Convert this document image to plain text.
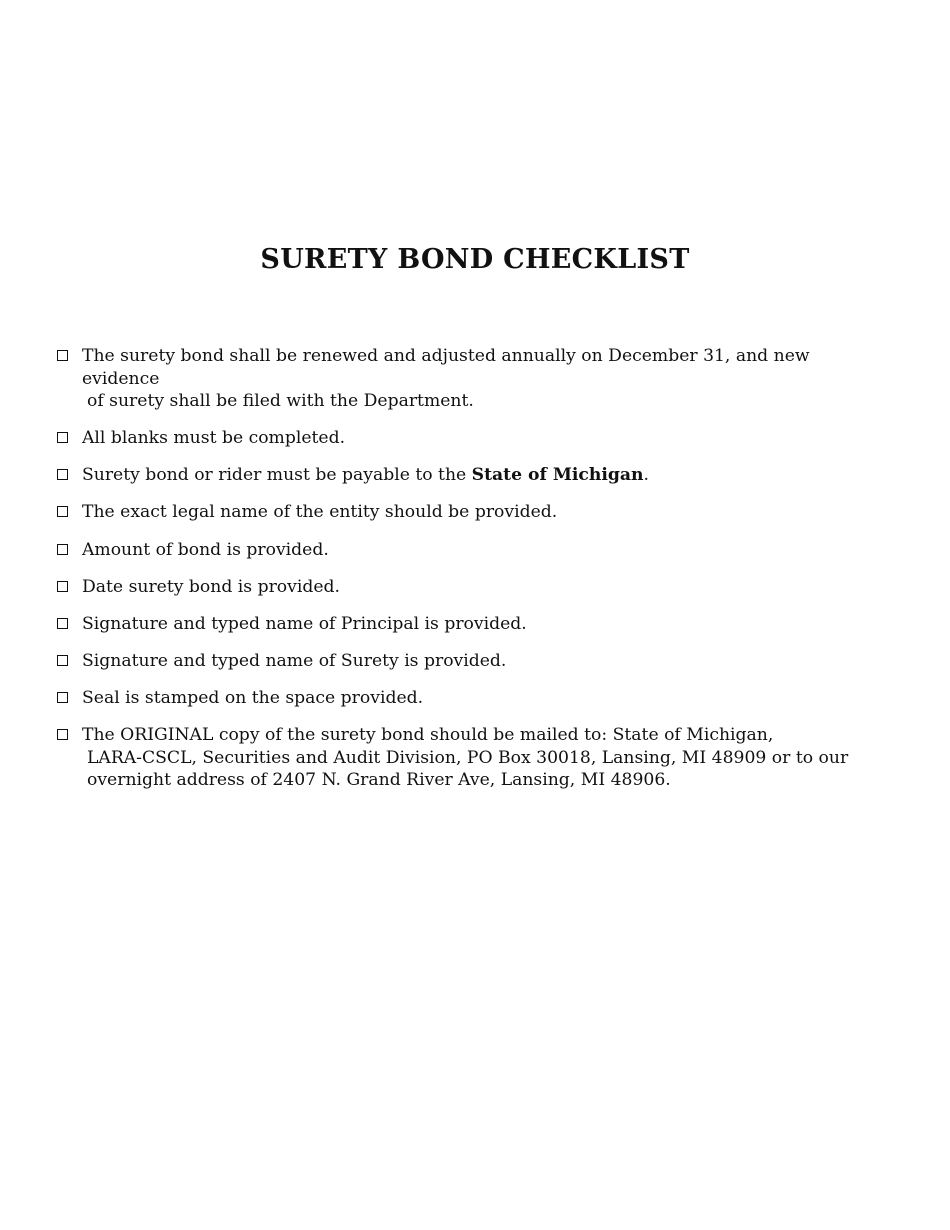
SURETY BOND CHECKLIST
The surety bond shall be renewed and adjusted annually on December 31, and new evidence
of surety shall be filed with the Department.
All blanks must be completed.
Surety bond or rider must be payable to the State of Michigan.
The exact legal name of the entity should be provided.
Amount of bond is provided.
Date surety bond is provided.
Signature and typed name of Principal is provided.
Signature and typed name of Surety is provided.
Seal is stamped on the space provided.
The ORIGINAL copy of the surety bond should be mailed to: State of Michigan,
LARA-CSCL, Securities and Audit Division, PO Box 30018, Lansing, MI 48909 or to our
overnight address of 2407 N. Grand River Ave, Lansing, MI 48906.
